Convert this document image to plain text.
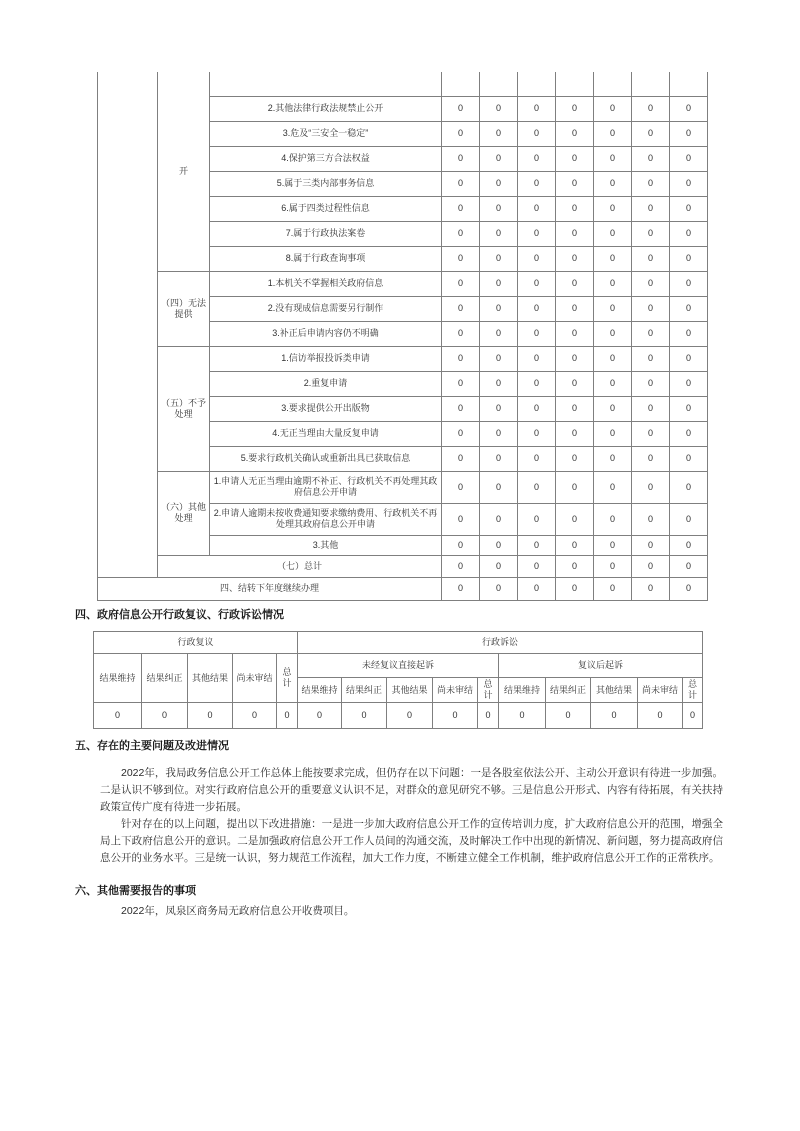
	开								
		2.其他法律行政法规禁止公开	0	0	0	0	0	0	0
		3.危及“三安全一稳定”	0	0	0	0	0	0	0
		4.保护第三方合法权益	0	0	0	0	0	0	0
		5.属于三类内部事务信息	0	0	0	0	0	0	0
		6.属于四类过程性信息	0	0	0	0	0	0	0
		7.属于行政执法案卷	0	0	0	0	0	0	0
		8.属于行政查询事项	0	0	0	0	0	0	0
	（四）无法提供	1.本机关不掌握相关政府信息	0	0	0	0	0	0	0
		2.没有现成信息需要另行制作	0	0	0	0	0	0	0
		3.补正后申请内容仍不明确	0	0	0	0	0	0	0
	（五）不予处理	1.信访举报投诉类申请	0	0	0	0	0	0	0
		2.重复申请	0	0	0	0	0	0	0
		3.要求提供公开出版物	0	0	0	0	0	0	0
		4.无正当理由大量反复申请	0	0	0	0	0	0	0
		5.要求行政机关确认或重新出具已获取信息	0	0	0	0	0	0	0
	（六）其他处理	1.申请人无正当理由逾期不补正、行政机关不再处理其政府信息公开申请	0	0	0	0	0	0	0
		2.申请人逾期未按收费通知要求缴纳费用、行政机关不再处理其政府信息公开申请	0	0	0	0	0	0	0
		3.其他	0	0	0	0	0	0	0
	（七）总计		0	0	0	0	0	0	0
四、结转下年度继续办理			0	0	0	0	0	0	0
四、政府信息公开行政复议、行政诉讼情况
行政复议					行政诉讼									
结果维持	结果纠正	其他结果	尚未审结	总计	未经复议直接起诉					复议后起诉				
					结果维持	结果纠正	其他结果	尚未审结	总计	结果维持	结果纠正	其他结果	尚未审结	总计
0	0	0	0	0	0	0	0	0	0	0	0	0	0	0
五、存在的主要问题及改进情况

2022年，我局政务信息公开工作总体上能按要求完成，但仍存在以下问题：一是各股室依法公开、主动公开意识有待进一步加强。二是认识不够到位。对实行政府信息公开的重要意义认识不足，对群众的意见研究不够。三是信息公开形式、内容有待拓展，有关扶持政策宣传广度有待进一步拓展。

针对存在的以上问题，提出以下改进措施：一是进一步加大政府信息公开工作的宣传培训力度，扩大政府信息公开的范围，增强全局上下政府信息公开的意识。二是加强政府信息公开工作人员间的沟通交流，及时解决工作中出现的新情况、新问题，努力提高政府信息公开的业务水平。三是统一认识，努力规范工作流程，加大工作力度，不断建立健全工作机制，维护政府信息公开工作的正常秩序。

六、其他需要报告的事项

2022年，凤泉区商务局无政府信息公开收费项目。
